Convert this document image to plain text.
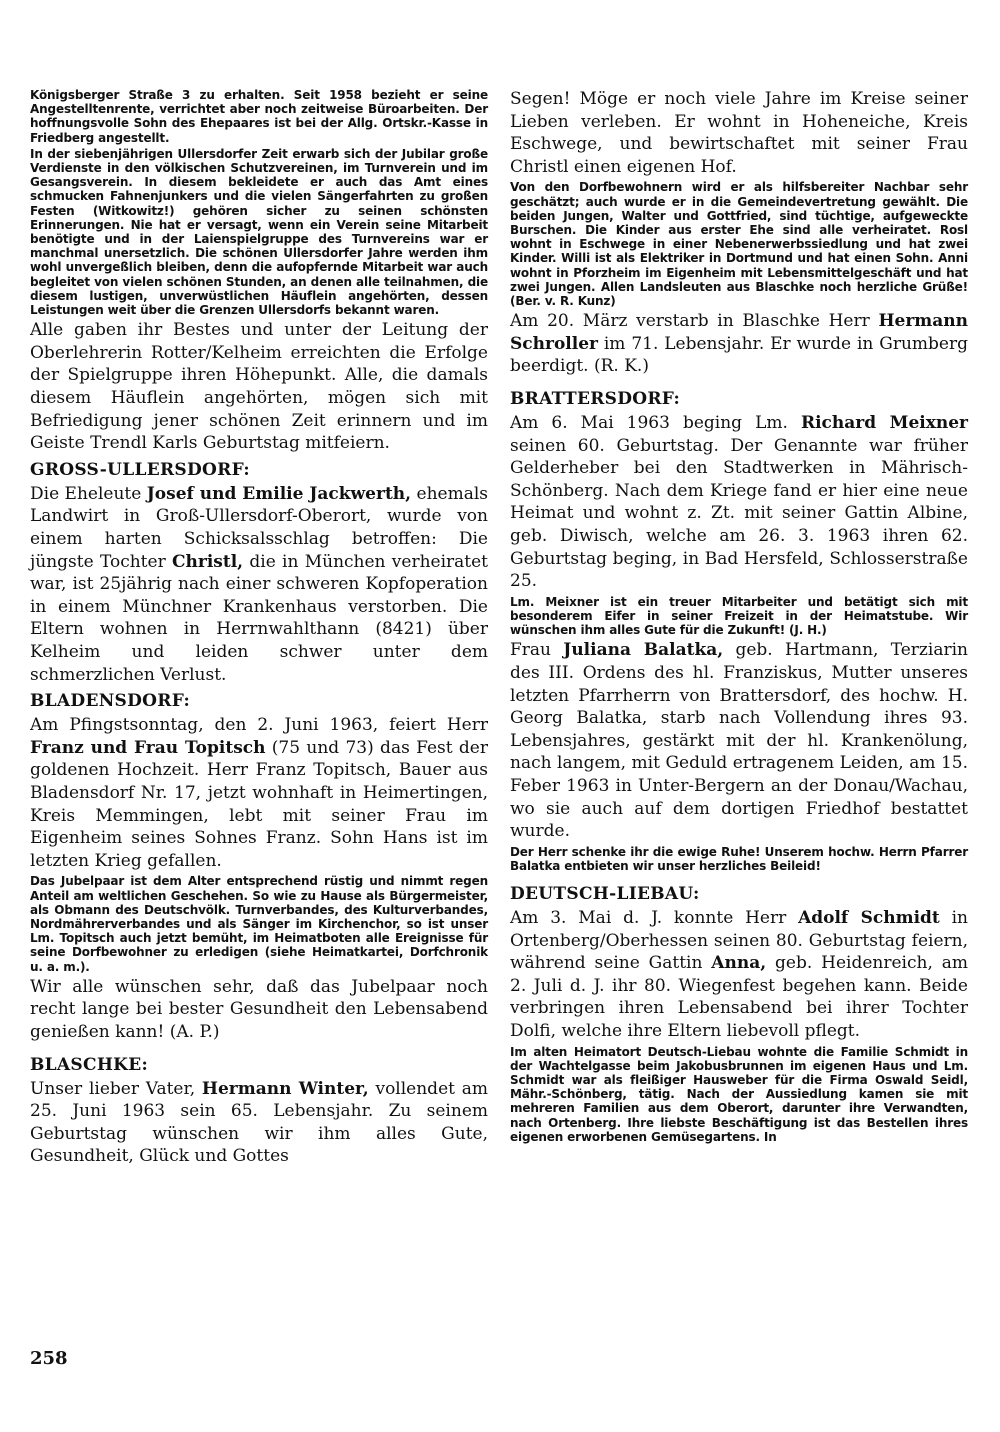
Königsberger Straße 3 zu erhalten. Seit 1958 bezieht er seine Angestelltenrente, verrichtet aber noch zeitweise Büroarbeiten. Der hoffnungsvolle Sohn des Ehepaares ist bei der Allg. Ortskr.-Kasse in Friedberg angestellt.

In der siebenjährigen Ullersdorfer Zeit erwarb sich der Jubilar große Verdienste in den völkischen Schutzvereinen, im Turnverein und im Gesangsverein. In diesem bekleidete er auch das Amt eines schmucken Fahnenjunkers und die vielen Sängerfahrten zu großen Festen (Witkowitz!) gehören sicher zu seinen schönsten Erinnerungen. Nie hat er versagt, wenn ein Verein seine Mitarbeit benötigte und in der Laienspielgruppe des Turnvereins war er manchmal unersetzlich. Die schönen Ullersdorfer Jahre werden ihm wohl unvergeßlich bleiben, denn die aufopfernde Mitarbeit war auch begleitet von vielen schönen Stunden, an denen alle teilnahmen, die diesem lustigen, unverwüstlichen Häuflein angehörten, dessen Leistungen weit über die Grenzen Ullersdorfs bekannt waren.

Alle gaben ihr Bestes und unter der Leitung der Oberlehrerin Rotter/Kelheim erreichten die Erfolge der Spielgruppe ihren Höhepunkt. Alle, die damals diesem Häuflein angehörten, mögen sich mit Befriedigung jener schönen Zeit erinnern und im Geiste Trendl Karls Geburtstag mitfeiern.

GROSS-ULLERSDORF:

Die Eheleute Josef und Emilie Jackwerth, ehemals Landwirt in Groß-Ullersdorf-Oberort, wurde von einem harten Schicksalsschlag betroffen: Die jüngste Tochter Christl, die in München verheiratet war, ist 25jährig nach einer schweren Kopfoperation in einem Münchner Krankenhaus verstorben. Die Eltern wohnen in Herrnwahlthann (8421) über Kelheim und leiden schwer unter dem schmerzlichen Verlust.

BLADENSDORF:

Am Pfingstsonntag, den 2. Juni 1963, feiert Herr Franz und Frau Topitsch (75 und 73) das Fest der goldenen Hochzeit. Herr Franz Topitsch, Bauer aus Bladensdorf Nr. 17, jetzt wohnhaft in Heimertingen, Kreis Memmingen, lebt mit seiner Frau im Eigenheim seines Sohnes Franz. Sohn Hans ist im letzten Krieg gefallen.

Das Jubelpaar ist dem Alter entsprechend rüstig und nimmt regen Anteil am weltlichen Geschehen. So wie zu Hause als Bürgermeister, als Obmann des Deutschvölk. Turnverbandes, des Kulturverbandes, Nordmährerverbandes und als Sänger im Kirchenchor, so ist unser Lm. Topitsch auch jetzt bemüht, im Heimatboten alle Ereignisse für seine Dorfbewohner zu erledigen (siehe Heimatkartei, Dorfchronik u. a. m.).

Wir alle wünschen sehr, daß das Jubelpaar noch recht lange bei bester Gesundheit den Lebensabend genießen kann! (A. P.)

BLASCHKE:

Unser lieber Vater, Hermann Winter, vollendet am 25. Juni 1963 sein 65. Lebensjahr. Zu seinem Geburtstag wünschen wir ihm alles Gute, Gesundheit, Glück und Gottes

Segen! Möge er noch viele Jahre im Kreise seiner Lieben verleben. Er wohnt in Hoheneiche, Kreis Eschwege, und bewirtschaftet mit seiner Frau Christl einen eigenen Hof.

Von den Dorfbewohnern wird er als hilfsbereiter Nachbar sehr geschätzt; auch wurde er in die Gemeindevertretung gewählt. Die beiden Jungen, Walter und Gottfried, sind tüchtige, aufgeweckte Burschen. Die Kinder aus erster Ehe sind alle verheiratet. Rosl wohnt in Eschwege in einer Nebenerwerbssiedlung und hat zwei Kinder. Willi ist als Elektriker in Dortmund und hat einen Sohn. Anni wohnt in Pforzheim im Eigenheim mit Lebensmittelgeschäft und hat zwei Jungen. Allen Landsleuten aus Blaschke noch herzliche Grüße! (Ber. v. R. Kunz)

Am 20. März verstarb in Blaschke Herr Hermann Schroller im 71. Lebensjahr. Er wurde in Grumberg beerdigt. (R. K.)

BRATTERSDORF:

Am 6. Mai 1963 beging Lm. Richard Meixner seinen 60. Geburtstag. Der Genannte war früher Gelderheber bei den Stadtwerken in Mährisch-Schönberg. Nach dem Kriege fand er hier eine neue Heimat und wohnt z. Zt. mit seiner Gattin Albine, geb. Diwisch, welche am 26. 3. 1963 ihren 62. Geburtstag beging, in Bad Hersfeld, Schlosserstraße 25.

Lm. Meixner ist ein treuer Mitarbeiter und betätigt sich mit besonderem Eifer in seiner Freizeit in der Heimatstube. Wir wünschen ihm alles Gute für die Zukunft! (J. H.)

Frau Juliana Balatka, geb. Hartmann, Terziarin des III. Ordens des hl. Franziskus, Mutter unseres letzten Pfarrherrn von Brattersdorf, des hochw. H. Georg Balatka, starb nach Vollendung ihres 93. Lebensjahres, gestärkt mit der hl. Krankenölung, nach langem, mit Geduld ertragenem Leiden, am 15. Feber 1963 in Unter-Bergern an der Donau/Wachau, wo sie auch auf dem dortigen Friedhof bestattet wurde.

Der Herr schenke ihr die ewige Ruhe! Unserem hochw. Herrn Pfarrer Balatka entbieten wir unser herzliches Beileid!

DEUTSCH-LIEBAU:

Am 3. Mai d. J. konnte Herr Adolf Schmidt in Ortenberg/Oberhessen seinen 80. Geburtstag feiern, während seine Gattin Anna, geb. Heidenreich, am 2. Juli d. J. ihr 80. Wiegenfest begehen kann. Beide verbringen ihren Lebensabend bei ihrer Tochter Dolfi, welche ihre Eltern liebevoll pflegt.

Im alten Heimatort Deutsch-Liebau wohnte die Familie Schmidt in der Wachtelgasse beim Jakobusbrunnen im eigenen Haus und Lm. Schmidt war als fleißiger Hausweber für die Firma Oswald Seidl, Mähr.-Schönberg, tätig. Nach der Aussiedlung kamen sie mit mehreren Familien aus dem Oberort, darunter ihre Verwandten, nach Ortenberg. Ihre liebste Beschäftigung ist das Bestellen ihres eigenen erworbenen Gemüsegartens. In

258
